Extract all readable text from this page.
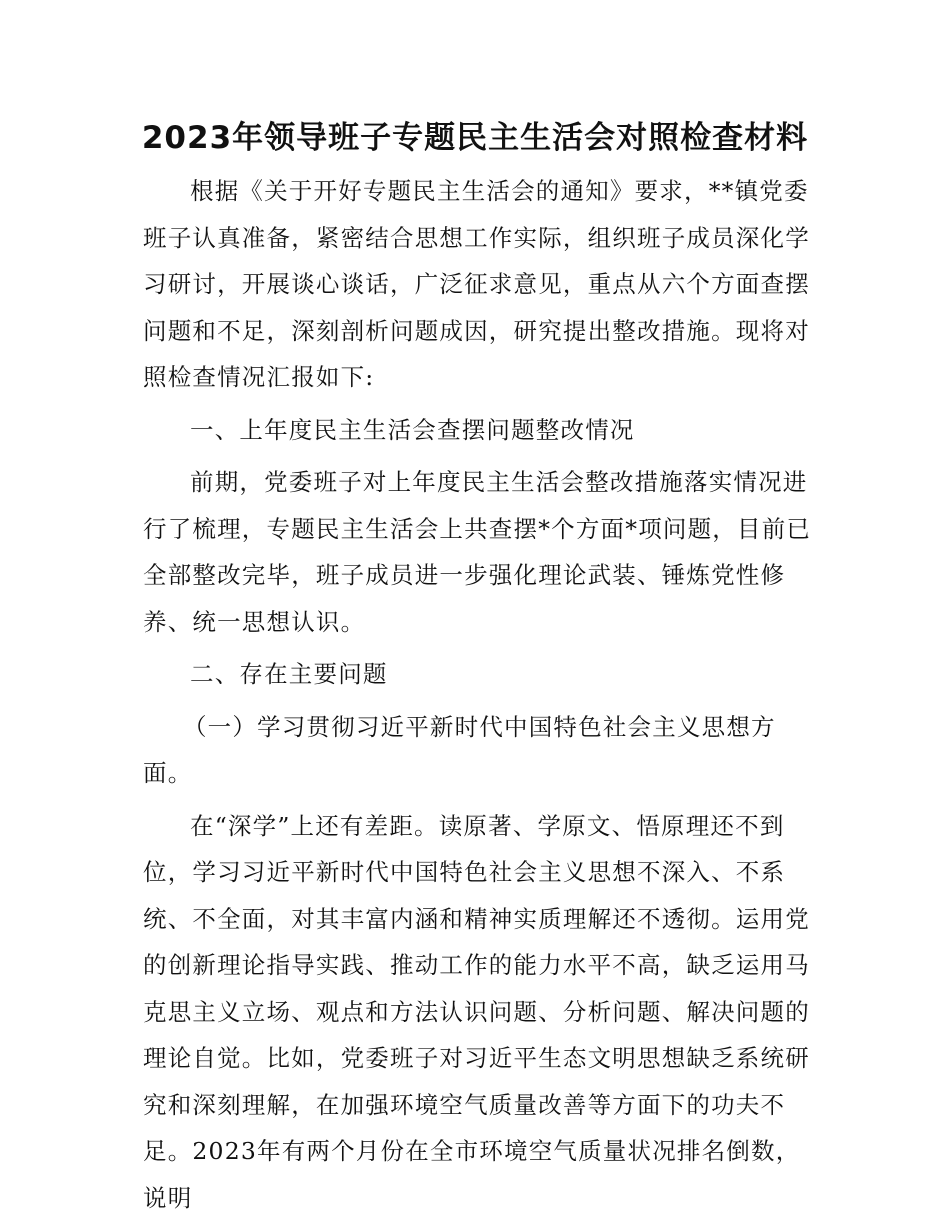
2023年领导班子专题民主生活会对照检查材料

根据《关于开好专题民主生活会的通知》要求，**镇党委班子认真准备，紧密结合思想工作实际，组织班子成员深化学习研讨，开展谈心谈话，广泛征求意见，重点从六个方面查摆问题和不足，深刻剖析问题成因，研究提出整改措施。现将对照检查情况汇报如下:

一、上年度民主生活会查摆问题整改情况

前期，党委班子对上年度民主生活会整改措施落实情况进行了梳理，专题民主生活会上共查摆*个方面*项问题，目前已全部整改完毕，班子成员进一步强化理论武装、锤炼党性修养、统一思想认识。

二、存在主要问题

（一）学习贯彻习近平新时代中国特色社会主义思想方面。

在“深学”上还有差距。读原著、学原文、悟原理还不到位，学习习近平新时代中国特色社会主义思想不深入、不系统、不全面，对其丰富内涵和精神实质理解还不透彻。运用党的创新理论指导实践、推动工作的能力水平不高，缺乏运用马克思主义立场、观点和方法认识问题、分析问题、解决问题的理论自觉。比如，党委班子对习近平生态文明思想缺乏系统研究和深刻理解，在加强环境空气质量改善等方面下的功夫不足。2023年有两个月份在全市环境空气质量状况排名倒数，说明
